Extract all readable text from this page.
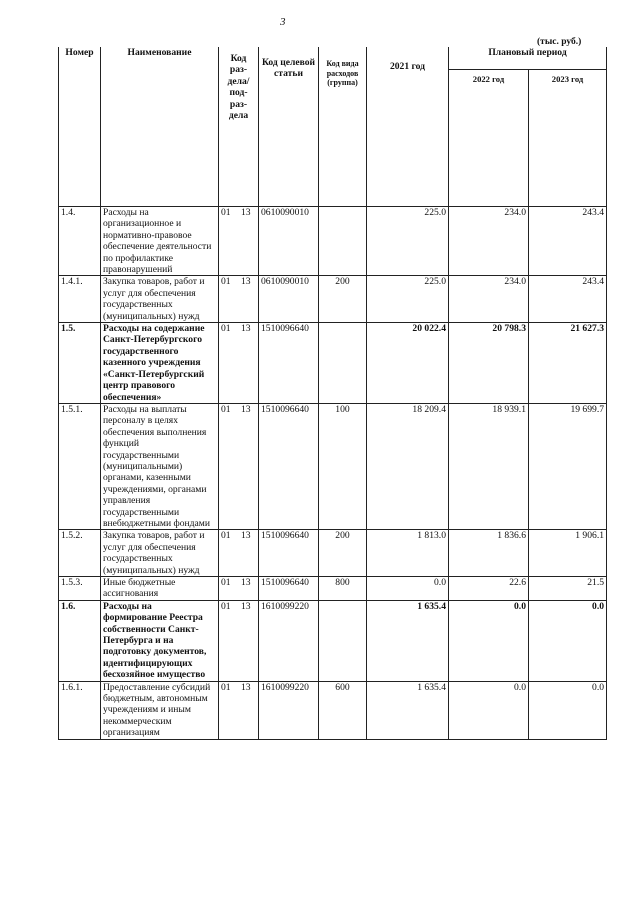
3
(тыс. руб.)
Номер	Наименование	Код раз-дела/ под-раз-дела	Код целевой статьи	Код вида расходов (группа)	2021 год	Плановый период	
						2022 год	2023 год

1.4.	Расходы на организационное и нормативно-правовое обеспечение деятельности по профилактике правонарушений	01 13	0610090010		225.0	234.0	243.4
1.4.1.	Закупка товаров, работ и услуг для обеспечения государственных (муниципальных) нужд	01 13	0610090010	200	225.0	234.0	243.4
1.5.	Расходы на содержание Санкт-Петербургского государственного казенного учреждения «Санкт-Петербургский центр правового обеспечения»	01 13	1510096640		20 022.4	20 798.3	21 627.3
1.5.1.	Расходы на выплаты персоналу в целях обеспечения выполнения функций государственными (муниципальными) органами, казенными учреждениями, органами управления государственными внебюджетными фондами	01 13	1510096640	100	18 209.4	18 939.1	19 699.7
1.5.2.	Закупка товаров, работ и услуг для обеспечения государственных (муниципальных) нужд	01 13	1510096640	200	1 813.0	1 836.6	1 906.1
1.5.3.	Иные бюджетные ассигнования	01 13	1510096640	800	0.0	22.6	21.5
1.6.	Расходы на формирование Реестра собственности Санкт-Петербурга и на подготовку документов, идентифицирующих бесхозяйное имущество	01 13	1610099220		1 635.4	0.0	0.0
1.6.1.	Предоставление субсидий бюджетным, автономным учреждениям и иным некоммерческим организациям	01 13	1610099220	600	1 635.4	0.0	0.0
